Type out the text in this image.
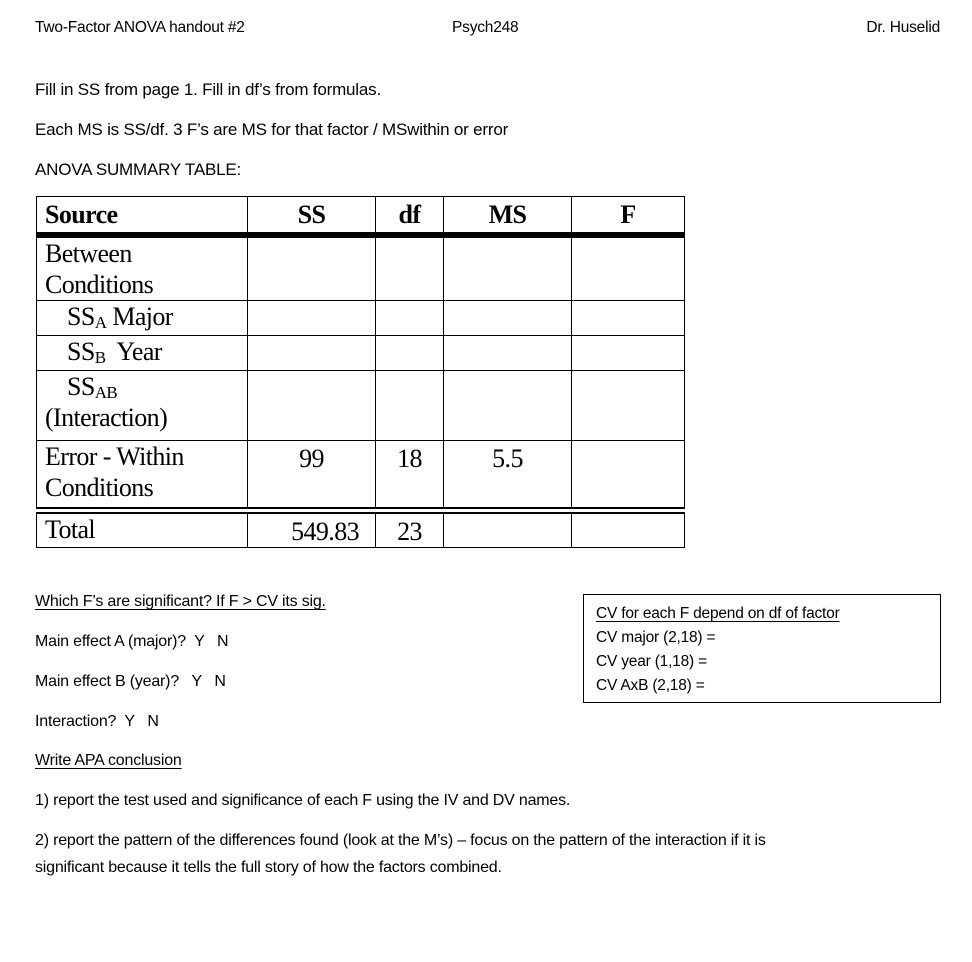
Two-Factor ANOVA handout #2	Psych248	Dr. Huselid
Fill in SS from page 1. Fill in df’s from formulas.
Each MS is SS/df. 3 F’s are MS for that factor / MSwithin or error
ANOVA SUMMARY TABLE:
Source	SS	df	MS	F

Between
Conditions				

$SS_A$ Major				
$SS_B$  Year				

$SS_{AB}$
(Interaction)				

Error - Within
Conditions	99	18	5.5	
Total	549.83	23		
Which F’s are significant? If F > CV its sig.
Main effect A (major)?  Y   N
Main effect B (year)?   Y   N
Interaction?  Y   N
CV for each F depend on df of factor
CV major (2,18) =
CV year (1,18) =
CV AxB (2,18) =
Write APA conclusion
1) report the test used and significance of each F using the IV and DV names.
2) report the pattern of the differences found (look at the M’s) – focus on the pattern of the interaction if it is
significant because it tells the full story of how the factors combined.
